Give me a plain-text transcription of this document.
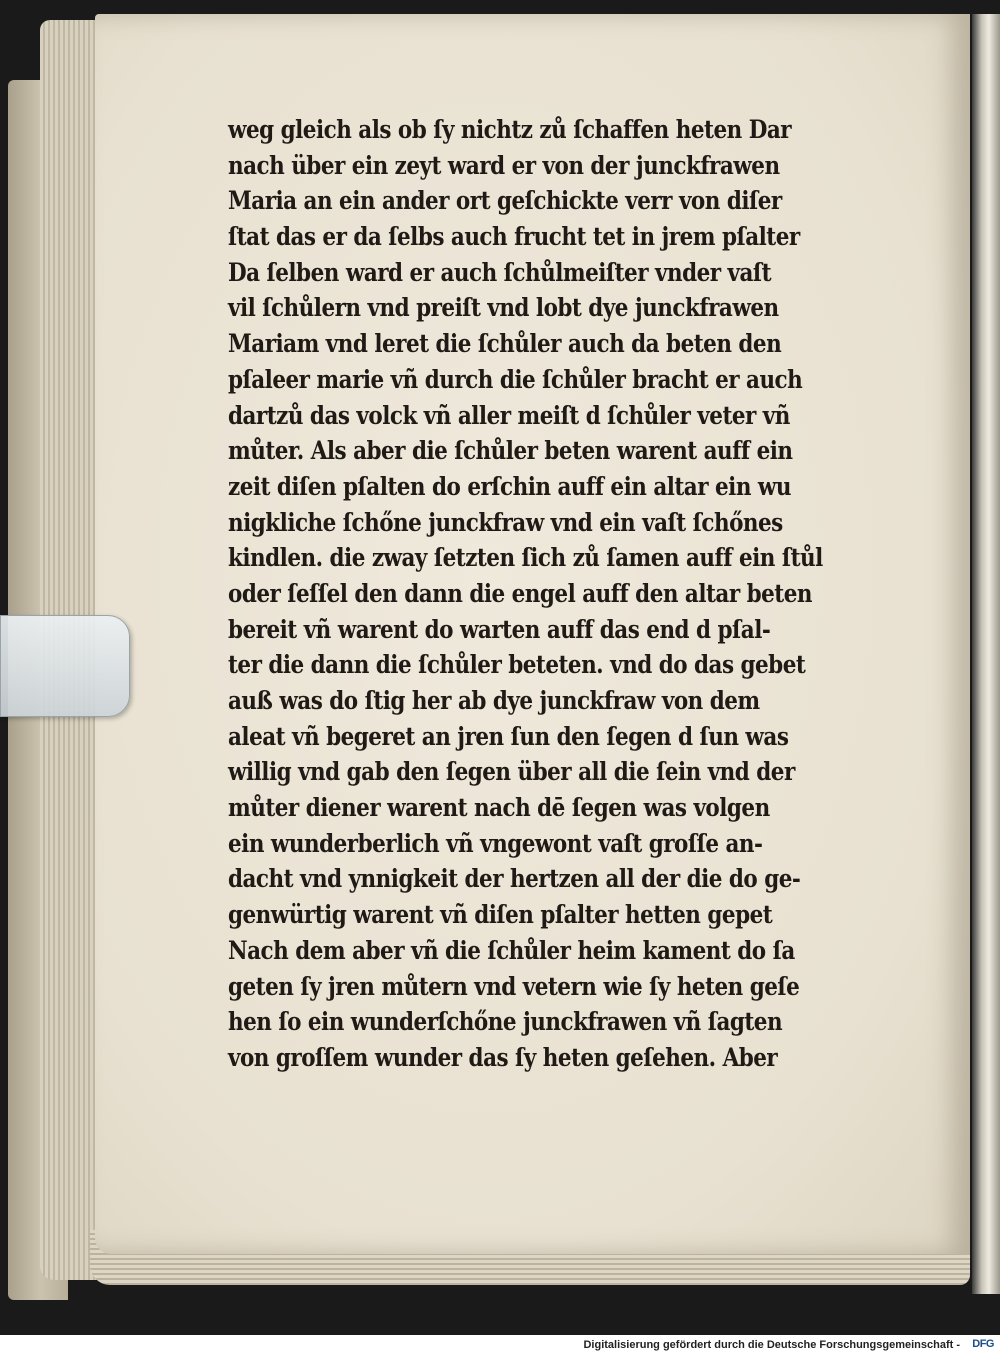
weg gleich als ob ſy nichtz zů ſchaffen heten Dar
nach über ein zeyt ward er von der junckfrawen
Maria an ein ander ort geſchickte verr von diſer
ſtat das er da ſelbs auch frucht tet in jrem pſalter
Da ſelben ward er auch ſchůlmeiſter vnder vaſt
vil ſchůlern vnd preiſt vnd lobt dye junckfrawen
Mariam vnd leret die ſchůler auch da beten den
pſaleer marie vñ durch die ſchůler bracht er auch
dartzů das volck vñ aller meiſt d ſchůler veter vñ
můter. Als aber die ſchůler beten warent auff ein
zeit diſen pſalten do erſchin auff ein altar ein wu
nigkliche ſchőne junckfraw vnd ein vaſt ſchőnes
kindlen. die zway ſetzten ſich zů ſamen auff ein ſtůl
oder ſeſſel den dann die engel auff den altar beten
bereit vñ warent do warten auff das end d pſal-
ter die dann die ſchůler beteten. vnd do das gebet
auß was do ſtig her ab dye junckfraw von dem
aleat vñ begeret an jren ſun den ſegen d ſun was
willig vnd gab den ſegen über all die ſein vnd der
můter diener warent nach dē ſegen was volgen
ein wunderberlich vñ vngewont vaſt groſſe an-
dacht vnd ynnigkeit der hertzen all der die do ge-
genwürtig warent vñ diſen pſalter hetten gepet
Nach dem aber vñ die ſchůler heim kament do ſa
geten ſy jren můtern vnd vetern wie ſy heten geſe
hen ſo ein wunderſchőne junckfrawen vñ ſagten
von groſſem wunder das ſy heten geſehen. Aber
Digitalisierung gefördert durch die Deutsche Forschungsgemeinschaft - DFG
